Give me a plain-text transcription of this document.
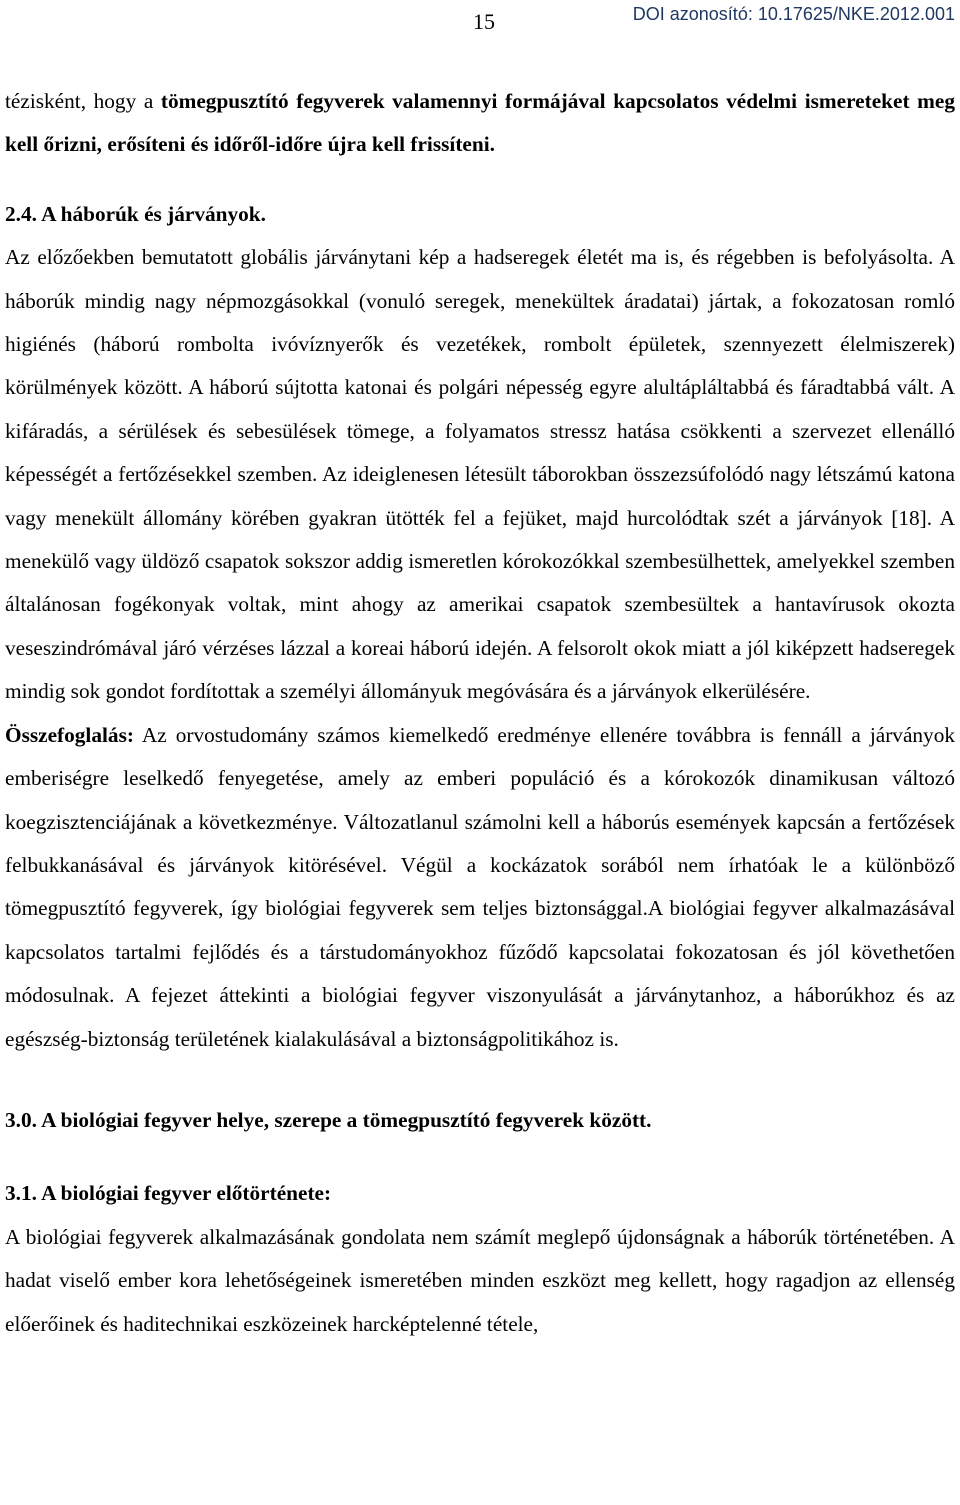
15	DOI azonosító: 10.17625/NKE.2012.001

tézisként, hogy a tömegpusztító fegyverek valamennyi formájával kapcsolatos védelmi ismereteket meg kell őrizni, erősíteni és időről-időre újra kell frissíteni.

2.4. A háborúk és járványok.

Az előzőekben bemutatott globális járványtani kép a hadseregek életét ma is, és régebben is befolyásolta. A háborúk mindig nagy népmozgásokkal (vonuló seregek, menekültek áradatai) jártak, a fokozatosan romló higiénés (háború rombolta ivóvíznyerők és vezetékek, rombolt épületek, szennyezett élelmiszerek) körülmények között. A háború sújtotta katonai és polgári népesség egyre alultápláltabbá és fáradtabbá vált. A kifáradás, a sérülések és sebesülések tömege, a folyamatos stressz hatása csökkenti a szervezet ellenálló képességét a fertőzésekkel szemben. Az ideiglenesen létesült táborokban összezsúfolódó nagy létszámú katona vagy menekült állomány körében gyakran ütötték fel a fejüket, majd hurcolódtak szét a járványok [18]. A menekülő vagy üldöző csapatok sokszor addig ismeretlen kórokozókkal szembesülhettek, amelyekkel szemben általánosan fogékonyak voltak, mint ahogy az amerikai csapatok szembesültek a hantavírusok okozta veseszindrómával járó vérzéses lázzal a koreai háború idején. A felsorolt okok miatt a jól kiképzett hadseregek mindig sok gondot fordítottak a személyi állományuk megóvására és a járványok elkerülésére.

Összefoglalás: Az orvostudomány számos kiemelkedő eredménye ellenére továbbra is fennáll a járványok emberiségre leselkedő fenyegetése, amely az emberi populáció és a kórokozók dinamikusan változó koegzisztenciájának a következménye. Változatlanul számolni kell a háborús események kapcsán a fertőzések felbukkanásával és járványok kitörésével. Végül a kockázatok sorából nem írhatóak le a különböző tömegpusztító fegyverek, így biológiai fegyverek sem teljes biztonsággal.A biológiai fegyver alkalmazásával kapcsolatos tartalmi fejlődés és a társtudományokhoz fűződő kapcsolatai fokozatosan és jól követhetően módosulnak. A fejezet áttekinti a biológiai fegyver viszonyulását a járványtanhoz, a háborúkhoz és az egészség-biztonság területének kialakulásával a biztonságpolitikához is.

3.0. A biológiai fegyver helye, szerepe a tömegpusztító fegyverek között.

3.1. A biológiai fegyver előtörténete:

A biológiai fegyverek alkalmazásának gondolata nem számít meglepő újdonságnak a háborúk történetében. A hadat viselő ember kora lehetőségeinek ismeretében minden eszközt meg kellett, hogy ragadjon az ellenség előerőinek és haditechnikai eszközeinek harcképtelenné tétele,
